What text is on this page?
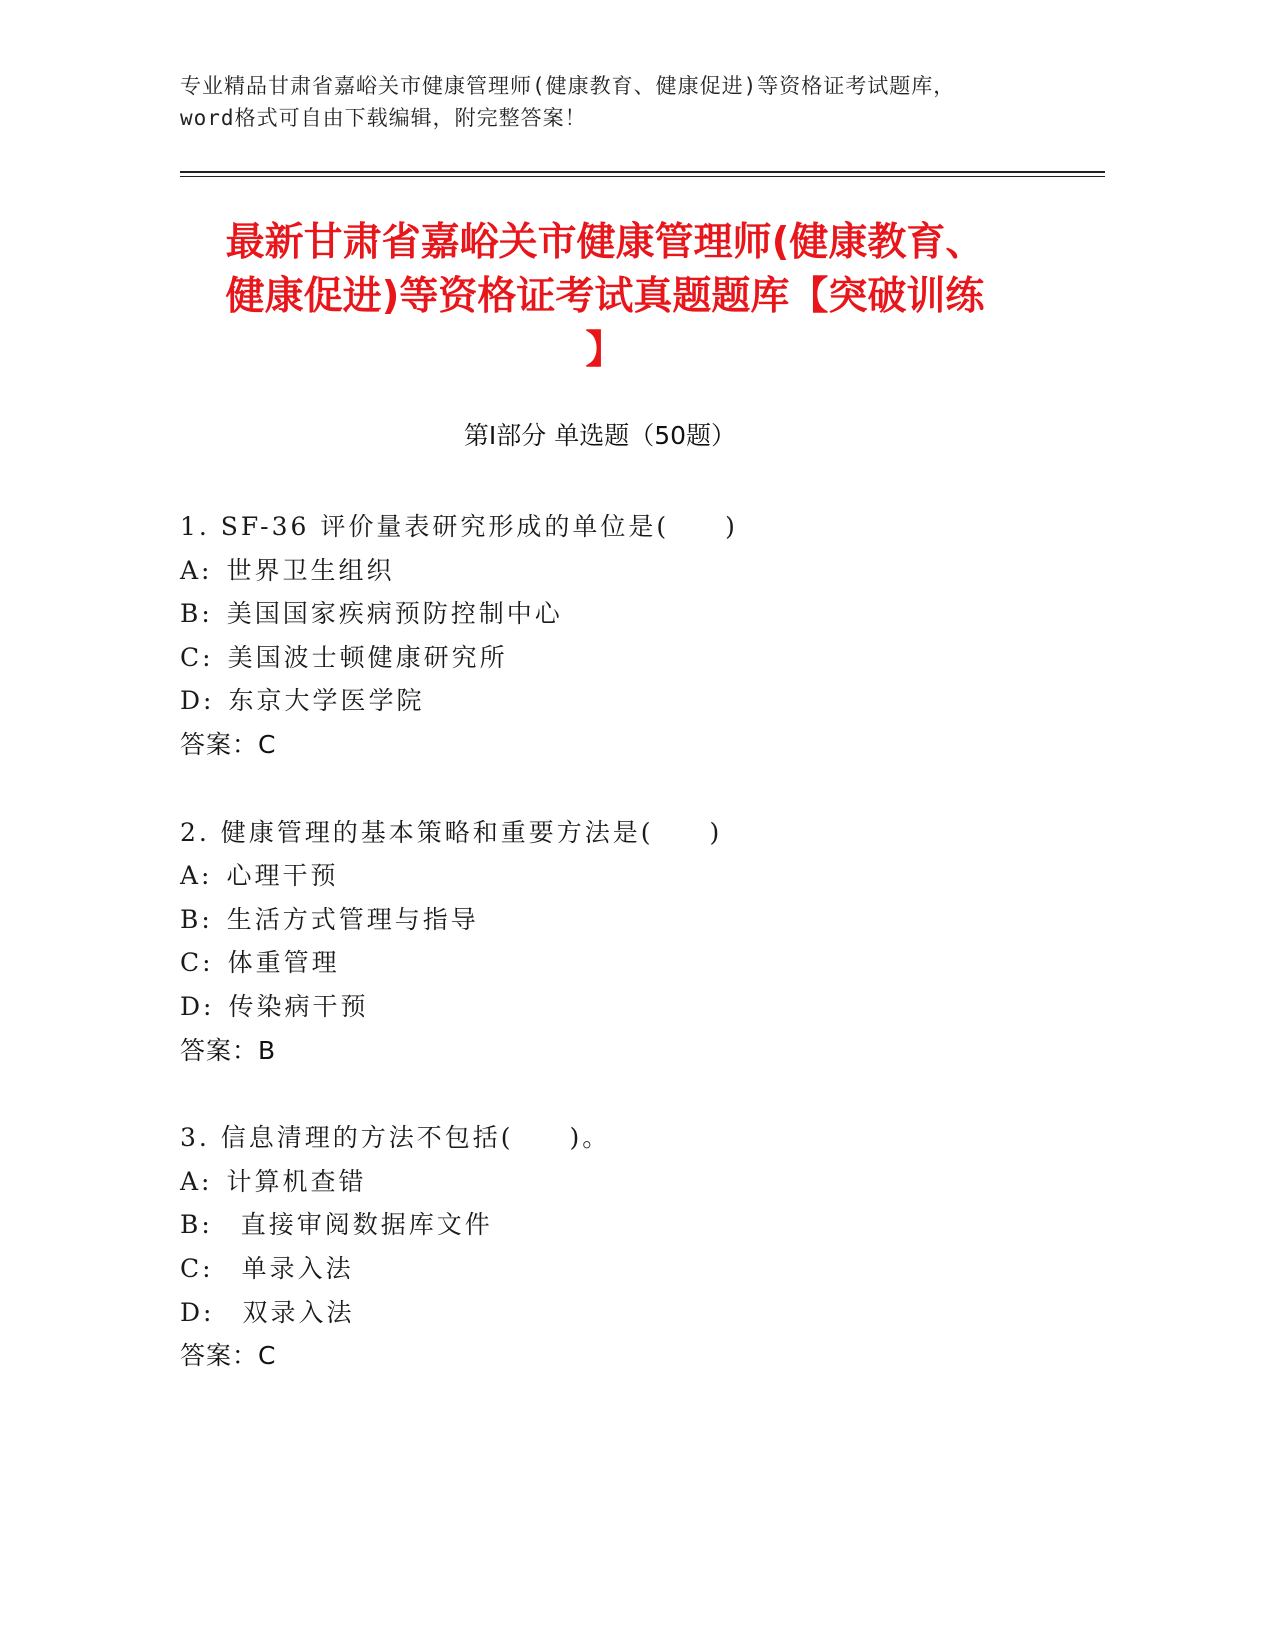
专业精品甘肃省嘉峪关市健康管理师(健康教育、健康促进)等资格证考试题库，
word格式可自由下载编辑，附完整答案！
最新甘肃省嘉峪关市健康管理师(健康教育、
健康促进)等资格证考试真题题库【突破训练
】
第Ⅰ部分 单选题（50题）
1. SF-36 评价量表研究形成的单位是(　　)
A: 世界卫生组织
B: 美国国家疾病预防控制中心
C: 美国波士顿健康研究所
D: 东京大学医学院
答案：C
2. 健康管理的基本策略和重要方法是(　　)
A: 心理干预
B: 生活方式管理与指导
C: 体重管理
D: 传染病干预
答案：B
3. 信息清理的方法不包括(　　)。
A: 计算机查错
B: 直接审阅数据库文件
C: 单录入法
D: 双录入法
答案：C
